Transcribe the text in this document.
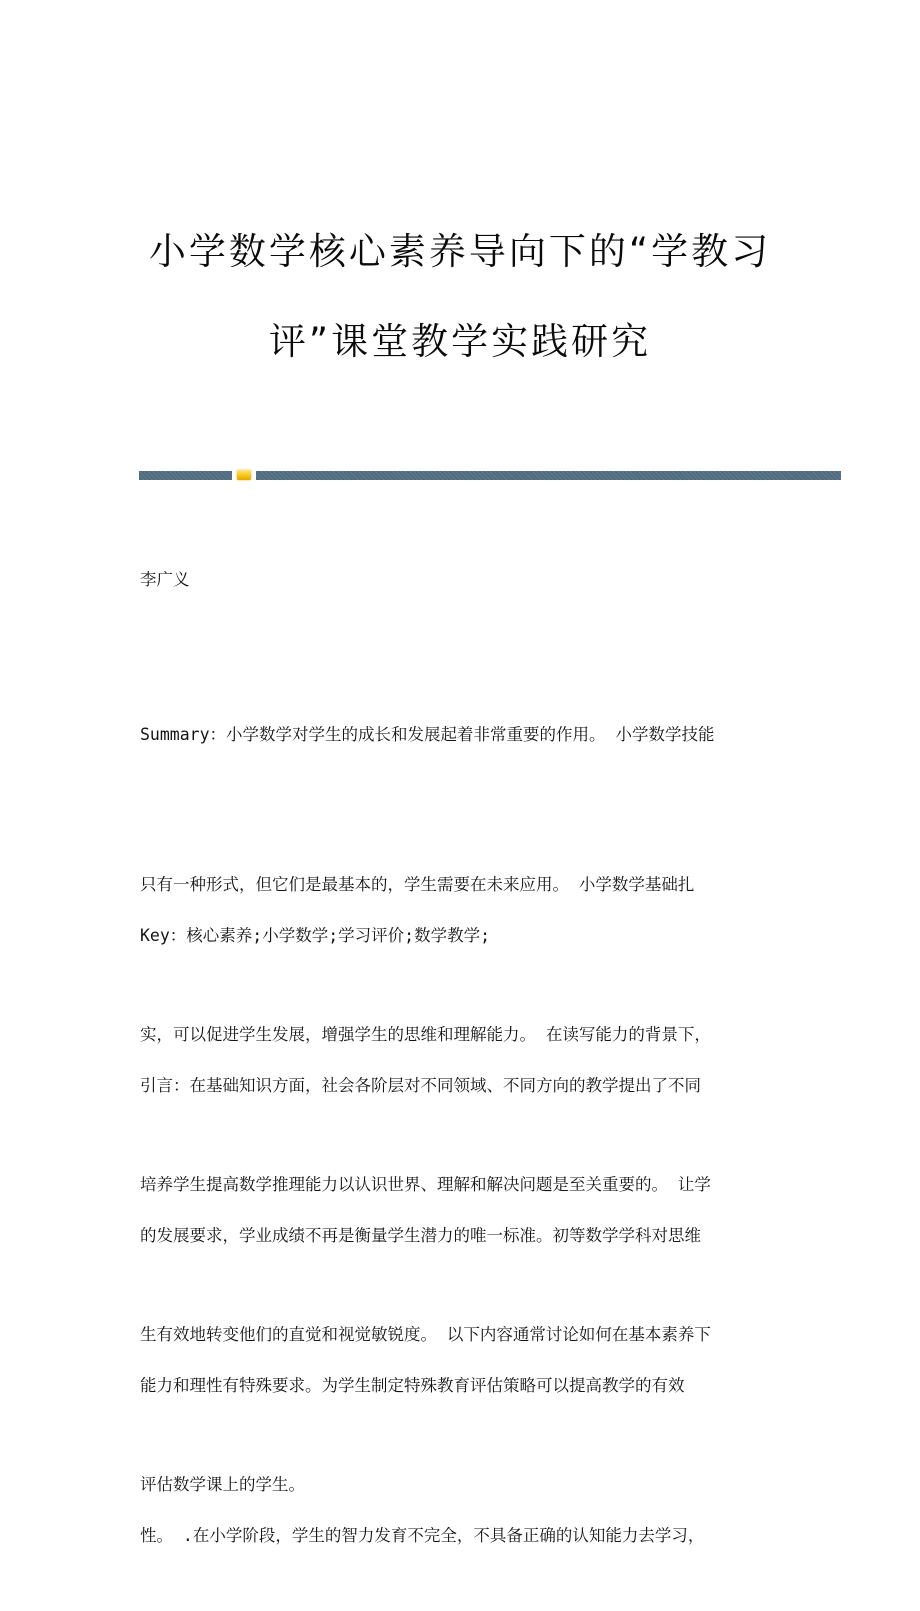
小学数学核心素养导向下的“学教习
评”课堂教学实践研究

李广义

Summary：小学数学对学生的成长和发展起着非常重要的作用。 小学数学技能

只有一种形式，但它们是最基本的，学生需要在未来应用。 小学数学基础扎

实，可以促进学生发展，增强学生的思维和理解能力。 在读写能力的背景下，

培养学生提高数学推理能力以认识世界、理解和解决问题是至关重要的。 让学

生有效地转变他们的直觉和视觉敏锐度。 以下内容通常讨论如何在基本素养下

评估数学课上的学生。

Key：核心素养;小学数学;学习评价;数学教学;

引言：在基础知识方面，社会各阶层对不同领域、不同方向的教学提出了不同

的发展要求，学业成绩不再是衡量学生潜力的唯一标准。初等数学学科对思维

能力和理性有特殊要求。为学生制定特殊教育评估策略可以提高教学的有效

性。 .在小学阶段，学生的智力发育不完全，不具备正确的认知能力去学习，
